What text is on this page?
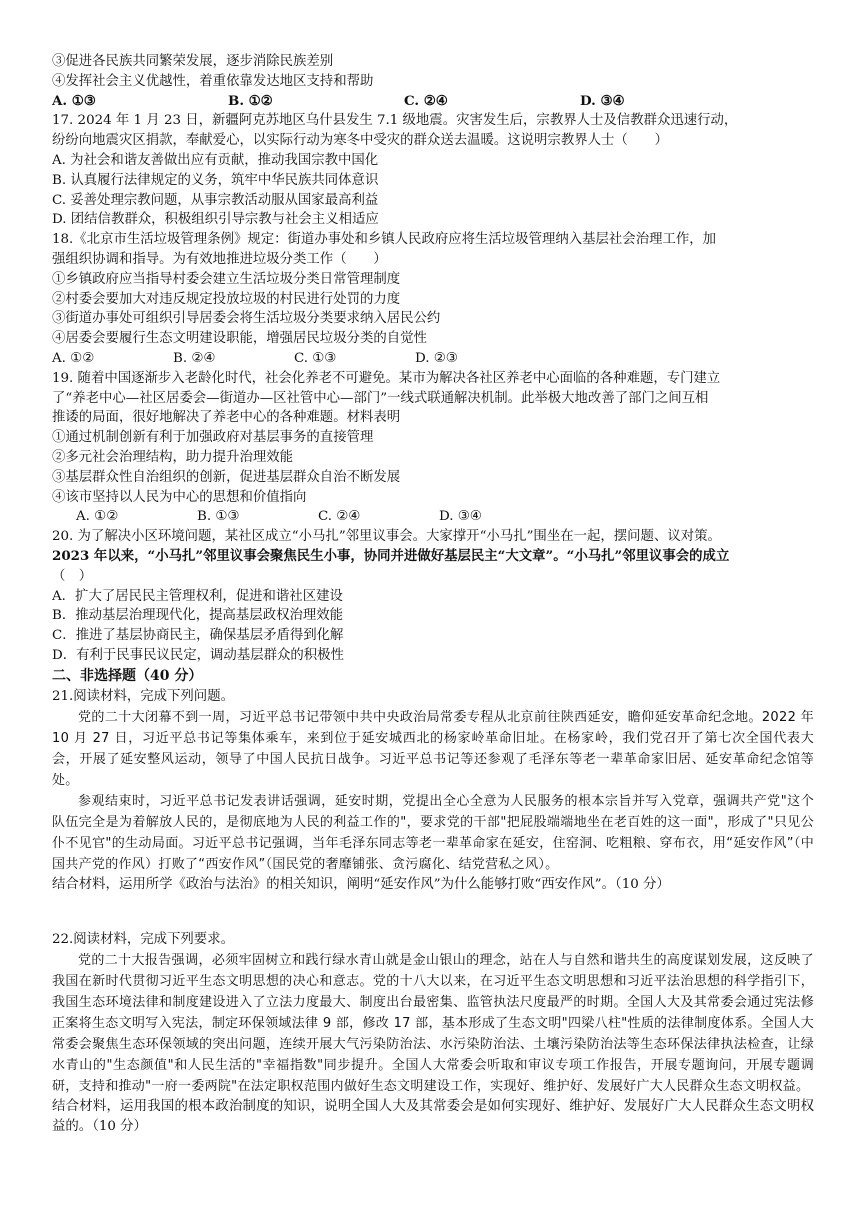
③促进各民族共同繁荣发展，逐步消除民族差别
④发挥社会主义优越性，着重依靠发达地区支持和帮助
A. ①③	B. ①②	C. ②④	D. ③④
17. 2024 年 1 月 23 日，新疆阿克苏地区乌什县发生 7.1 级地震。灾害发生后，宗教界人士及信教群众迅速行动，
纷纷向地震灾区捐款，奉献爱心，以实际行动为寒冬中受灾的群众送去温暖。这说明宗教界人士（　　）
A. 为社会和谐友善做出应有贡献，推动我国宗教中国化
B. 认真履行法律规定的义务，筑牢中华民族共同体意识
C. 妥善处理宗教问题，从事宗教活动服从国家最高利益
D. 团结信教群众，积极组织引导宗教与社会主义相适应
18.《北京市生活垃圾管理条例》规定：街道办事处和乡镇人民政府应将生活垃圾管理纳入基层社会治理工作，加
强组织协调和指导。为有效地推进垃圾分类工作（　　）
①乡镇政府应当指导村委会建立生活垃圾分类日常管理制度
②村委会要加大对违反规定投放垃圾的村民进行处罚的力度
③街道办事处可组织引导居委会将生活垃圾分类要求纳入居民公约
④居委会要履行生态文明建设职能，增强居民垃圾分类的自觉性
A. ①②	B. ②④	C. ①③	D. ②③
19. 随着中国逐渐步入老龄化时代，社会化养老不可避免。某市为解决各社区养老中心面临的各种难题，专门建立
了“养老中心—社区居委会—街道办—区社管中心—部门”一线式联通解决机制。此举极大地改善了部门之间互相
推诿的局面，很好地解决了养老中心的各种难题。材料表明
①通过机制创新有利于加强政府对基层事务的直接管理
②多元社会治理结构，助力提升治理效能
③基层群众性自治组织的创新，促进基层群众自治不断发展
④该市坚持以人民为中心的思想和价值指向
A. ①②	B. ①③	C. ②④	D. ③④
20. 为了解决小区环境问题，某社区成立“小马扎”邻里议事会。大家撑开“小马扎”围坐在一起，摆问题、议对策。
2023 年以来，“小马扎”邻里议事会聚焦民生小事，协同并进做好基层民主“大文章”。“小马扎”邻里议事会的成立
（　）
A．扩大了居民民主管理权利，促进和谐社区建设
B．推动基层治理现代化，提高基层政权治理效能
C．推进了基层协商民主，确保基层矛盾得到化解
D．有利于民事民议民定，调动基层群众的积极性
二、非选择题（40 分）
21.阅读材料，完成下列问题。
党的二十大闭幕不到一周，习近平总书记带领中共中央政治局常委专程从北京前往陕西延安，瞻仰延安革命纪念地。2022 年 10 月 27 日，习近平总书记等集体乘车，来到位于延安城西北的杨家岭革命旧址。在杨家岭，我们党召开了第七次全国代表大会，开展了延安整风运动，领导了中国人民抗日战争。习近平总书记等还参观了毛泽东等老一辈革命家旧居、延安革命纪念馆等处。
参观结束时，习近平总书记发表讲话强调，延安时期，党提出全心全意为人民服务的根本宗旨并写入党章，强调共产党"这个队伍完全是为着解放人民的，是彻底地为人民的利益工作的"，要求党的干部"把屁股端端地坐在老百姓的这一面"，形成了"只见公仆不见官"的生动局面。习近平总书记强调，当年毛泽东同志等老一辈革命家在延安，住窑洞、吃粗粮、穿布衣，用“延安作风”（中国共产党的作风）打败了“西安作风”（国民党的奢靡铺张、贪污腐化、结党营私之风）。
结合材料，运用所学《政治与法治》的相关知识，阐明“延安作风”为什么能够打败“西安作风”。（10 分）
22.阅读材料，完成下列要求。
党的二十大报告强调，必须牢固树立和践行绿水青山就是金山银山的理念，站在人与自然和谐共生的高度谋划发展，这反映了我国在新时代贯彻习近平生态文明思想的决心和意志。党的十八大以来，在习近平生态文明思想和习近平法治思想的科学指引下，我国生态环境法律和制度建设进入了立法力度最大、制度出台最密集、监管执法尺度最严的时期。全国人大及其常委会通过宪法修正案将生态文明写入宪法，制定环保领域法律 9 部，修改 17 部，基本形成了生态文明"四梁八柱"性质的法律制度体系。全国人大常委会聚焦生态环保领域的突出问题，连续开展大气污染防治法、水污染防治法、土壤污染防治法等生态环保法律执法检查，让绿水青山的"生态颜值"和人民生活的"幸福指数"同步提升。全国人大常委会听取和审议专项工作报告，开展专题询问，开展专题调研，支持和推动"一府一委两院"在法定职权范围内做好生态文明建设工作，实现好、维护好、发展好广大人民群众生态文明权益。
结合材料，运用我国的根本政治制度的知识，说明全国人大及其常委会是如何实现好、维护好、发展好广大人民群众生态文明权益的。（10 分）
